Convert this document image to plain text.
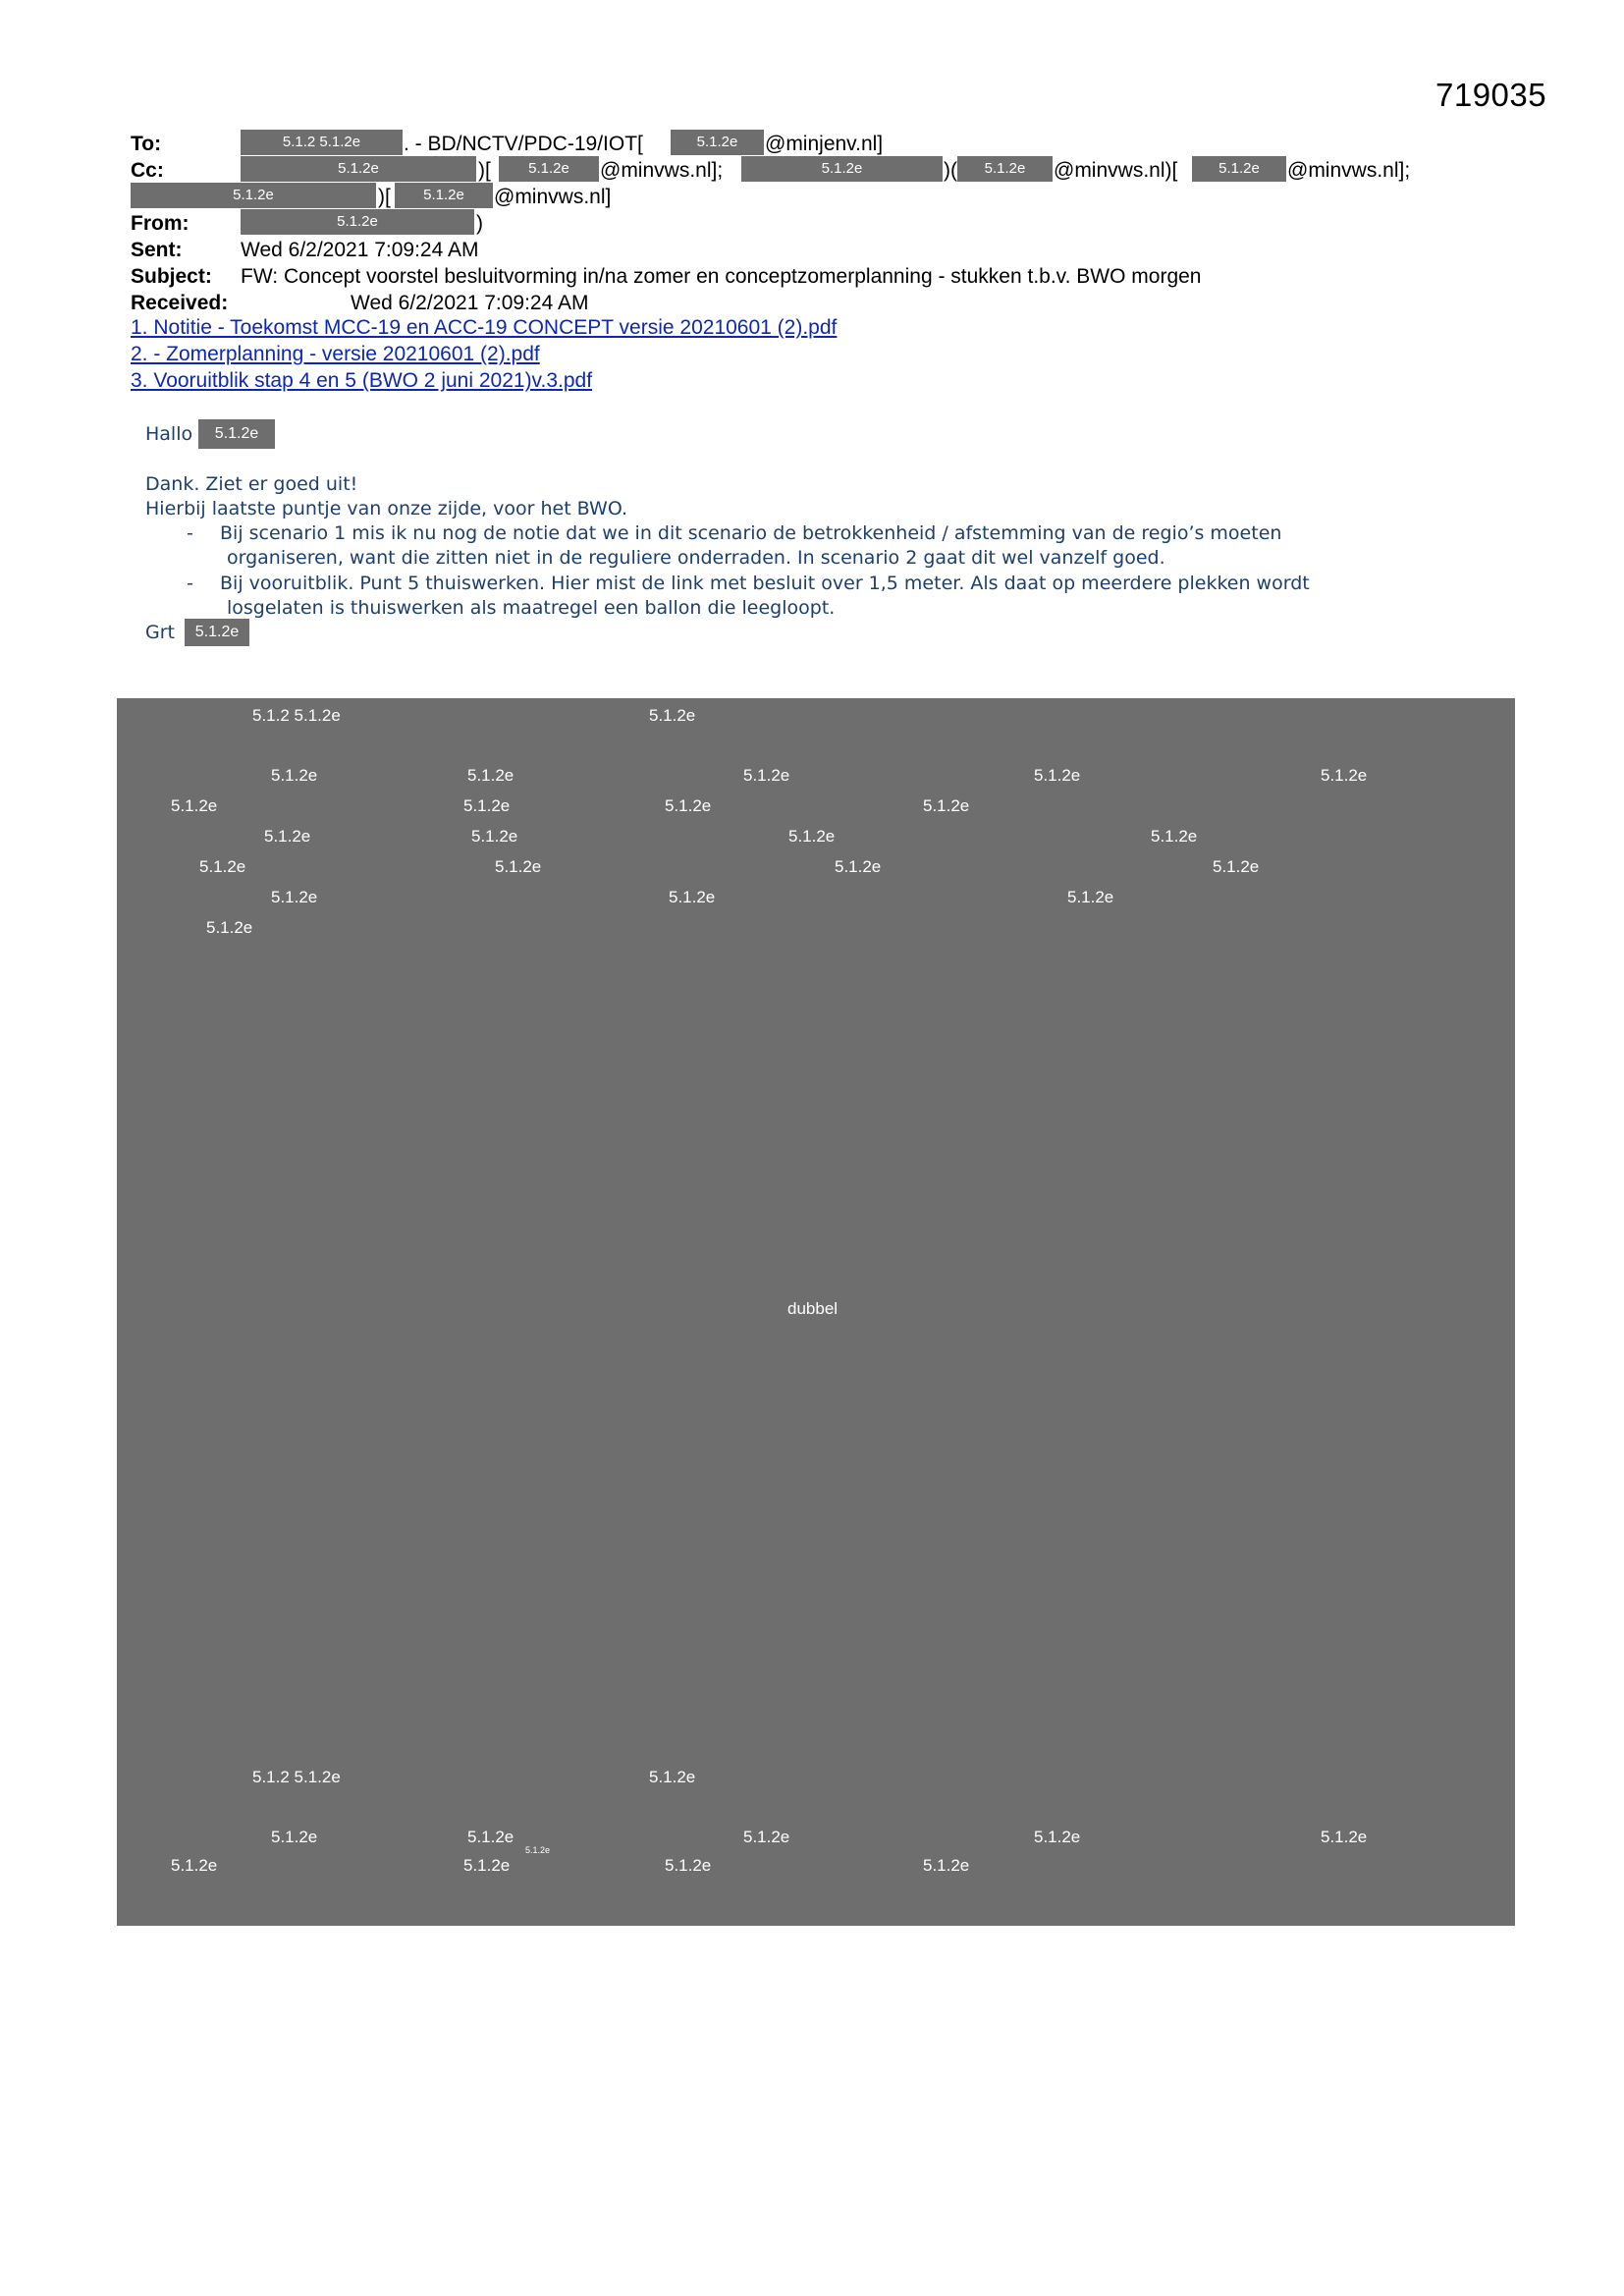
719035
To:	5.1.2 5.1.2e	. - BD/NCTV/PDC-19/IOT[	5.1.2e	@minjenv.nl]
Cc:	5.1.2e	)[	5.1.2e	@minvws.nl];	5.1.2e	)(	5.1.2e	@minvws.nl)[	5.1.2e	@minvws.nl];
5.1.2e	)[	5.1.2e	@minvws.nl]
From:	5.1.2e	)
Sent:	Wed 6/2/2021 7:09:24 AM
Subject: FW: Concept voorstel besluitvorming in/na zomer en conceptzomerplanning - stukken t.b.v. BWO morgen
Received:	Wed 6/2/2021 7:09:24 AM
1. Notitie - Toekomst MCC-19 en ACC-19 CONCEPT versie 20210601 (2).pdf
2. - Zomerplanning - versie 20210601 (2).pdf
3. Vooruitblik stap 4 en 5 (BWO 2 juni 2021)v.3.pdf
Hallo	5.1.2e
Dank. Ziet er goed uit!
Hierbij laatste puntje van onze zijde, voor het BWO.
- Bij scenario 1 mis ik nu nog de notie dat we in dit scenario de betrokkenheid / afstemming van de regio’s moeten
organiseren, want die zitten niet in de reguliere onderraden. In scenario 2 gaat dit wel vanzelf goed.
- Bij vooruitblik. Punt 5 thuiswerken. Hier mist de link met besluit over 1,5 meter. Als daat op meerdere plekken wordt
losgelaten is thuiswerken als maatregel een ballon die leegloopt.
Grt	5.1.2e
5.1.2 5.1.2e	5.1.2e
5.1.2e	5.1.2e	5.1.2e	5.1.2e	5.1.2e
5.1.2e	5.1.2e	5.1.2e	5.1.2e
5.1.2e	5.1.2e	5.1.2e	5.1.2e
5.1.2e	5.1.2e	5.1.2e	5.1.2e
5.1.2e	5.1.2e	5.1.2e
5.1.2e
dubbel
5.1.2 5.1.2e	5.1.2e
5.1.2e	5.1.2e	5.1.2e	5.1.2e	5.1.2e
5.1.2e	5.1.2e
5.1.2e
5.1.2e	5.1.2e
